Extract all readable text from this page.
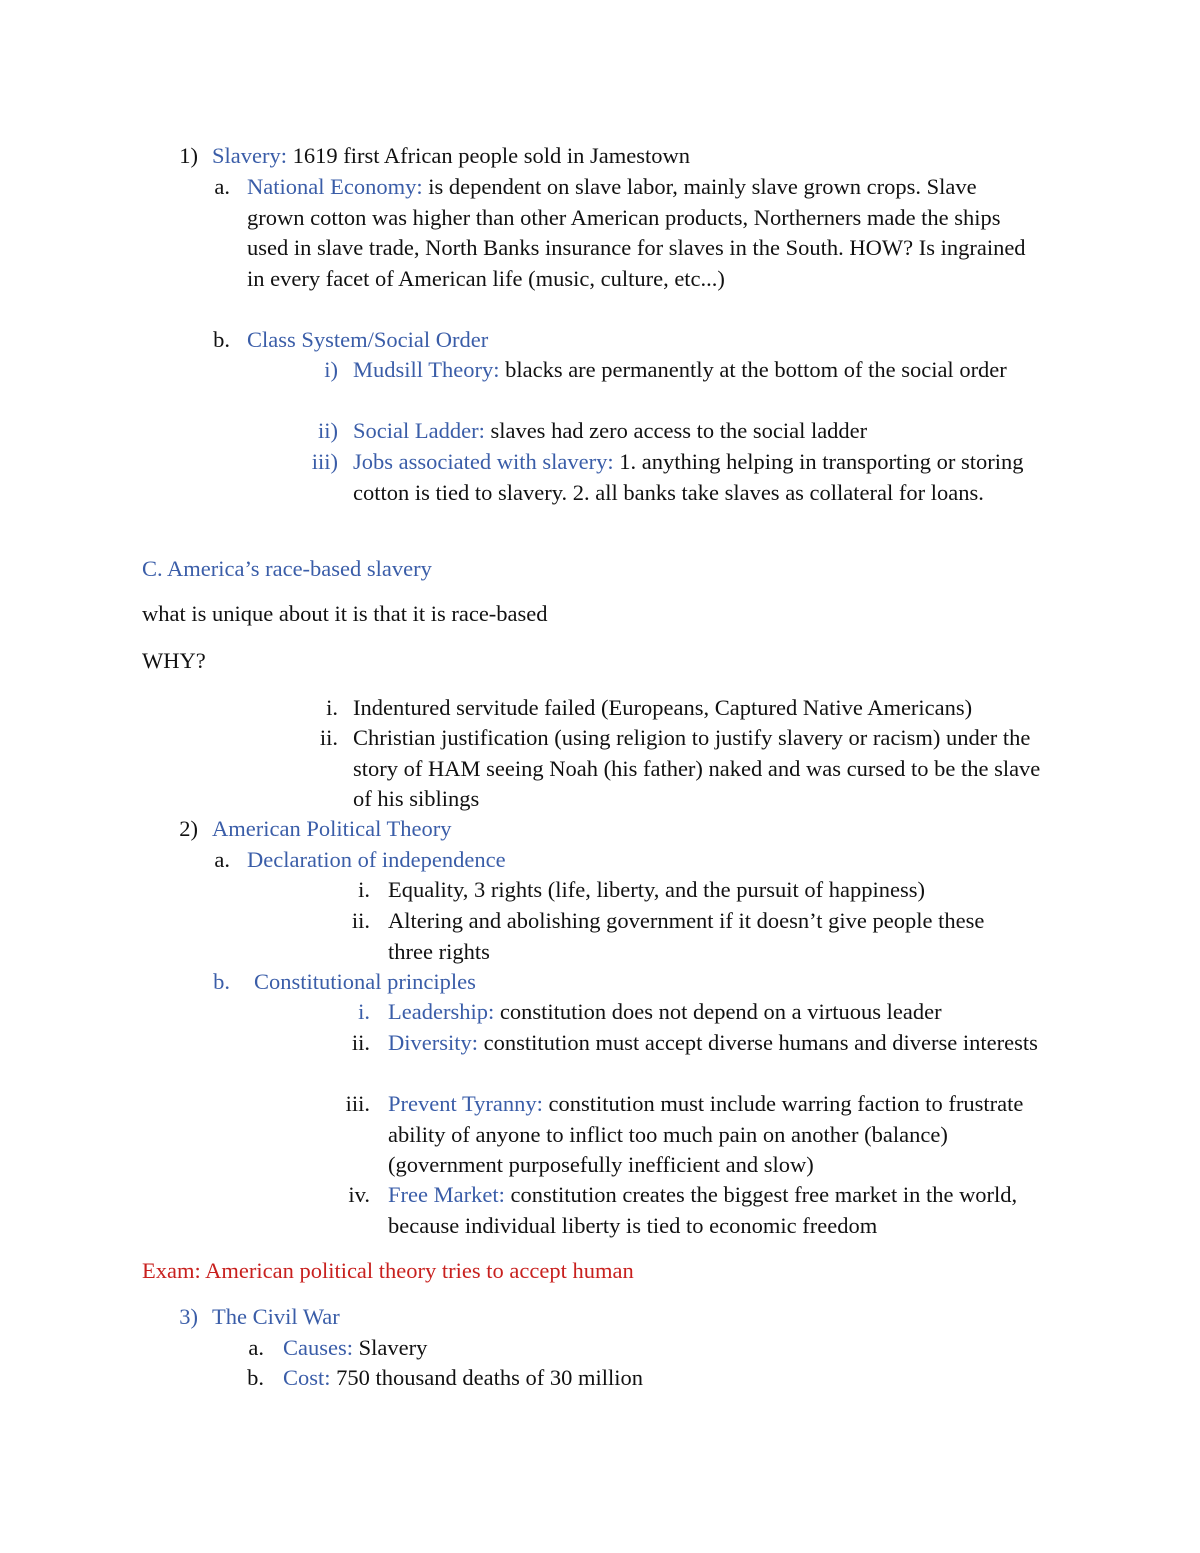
1) Slavery: 1619 first African people sold in Jamestown
a. National Economy: is dependent on slave labor, mainly slave grown crops. Slave grown cotton was higher than other American products, Northerners made the ships used in slave trade, North Banks insurance for slaves in the South. HOW? Is ingrained in every facet of American life (music, culture, etc...)
b. Class System/Social Order
i) Mudsill Theory: blacks are permanently at the bottom of the social order
ii) Social Ladder: slaves had zero access to the social ladder
iii) Jobs associated with slavery: 1. anything helping in transporting or storing cotton is tied to slavery. 2. all banks take slaves as collateral for loans.
C. America’s race-based slavery
what is unique about it is that it is race-based
WHY?
i. Indentured servitude failed (Europeans, Captured Native Americans)
ii. Christian justification (using religion to justify slavery or racism) under the story of HAM seeing Noah (his father) naked and was cursed to be the slave of his siblings
2) American Political Theory
a. Declaration of independence
i. Equality, 3 rights (life, liberty, and the pursuit of happiness)
ii. Altering and abolishing government if it doesn’t give people these three rights
b. Constitutional principles
i. Leadership: constitution does not depend on a virtuous leader
ii. Diversity: constitution must accept diverse humans and diverse interests
iii. Prevent Tyranny: constitution must include warring faction to frustrate ability of anyone to inflict too much pain on another (balance) (government purposefully inefficient and slow)
iv. Free Market: constitution creates the biggest free market in the world, because individual liberty is tied to economic freedom
Exam: American political theory tries to accept human
3) The Civil War
a. Causes: Slavery
b. Cost: 750 thousand deaths of 30 million
